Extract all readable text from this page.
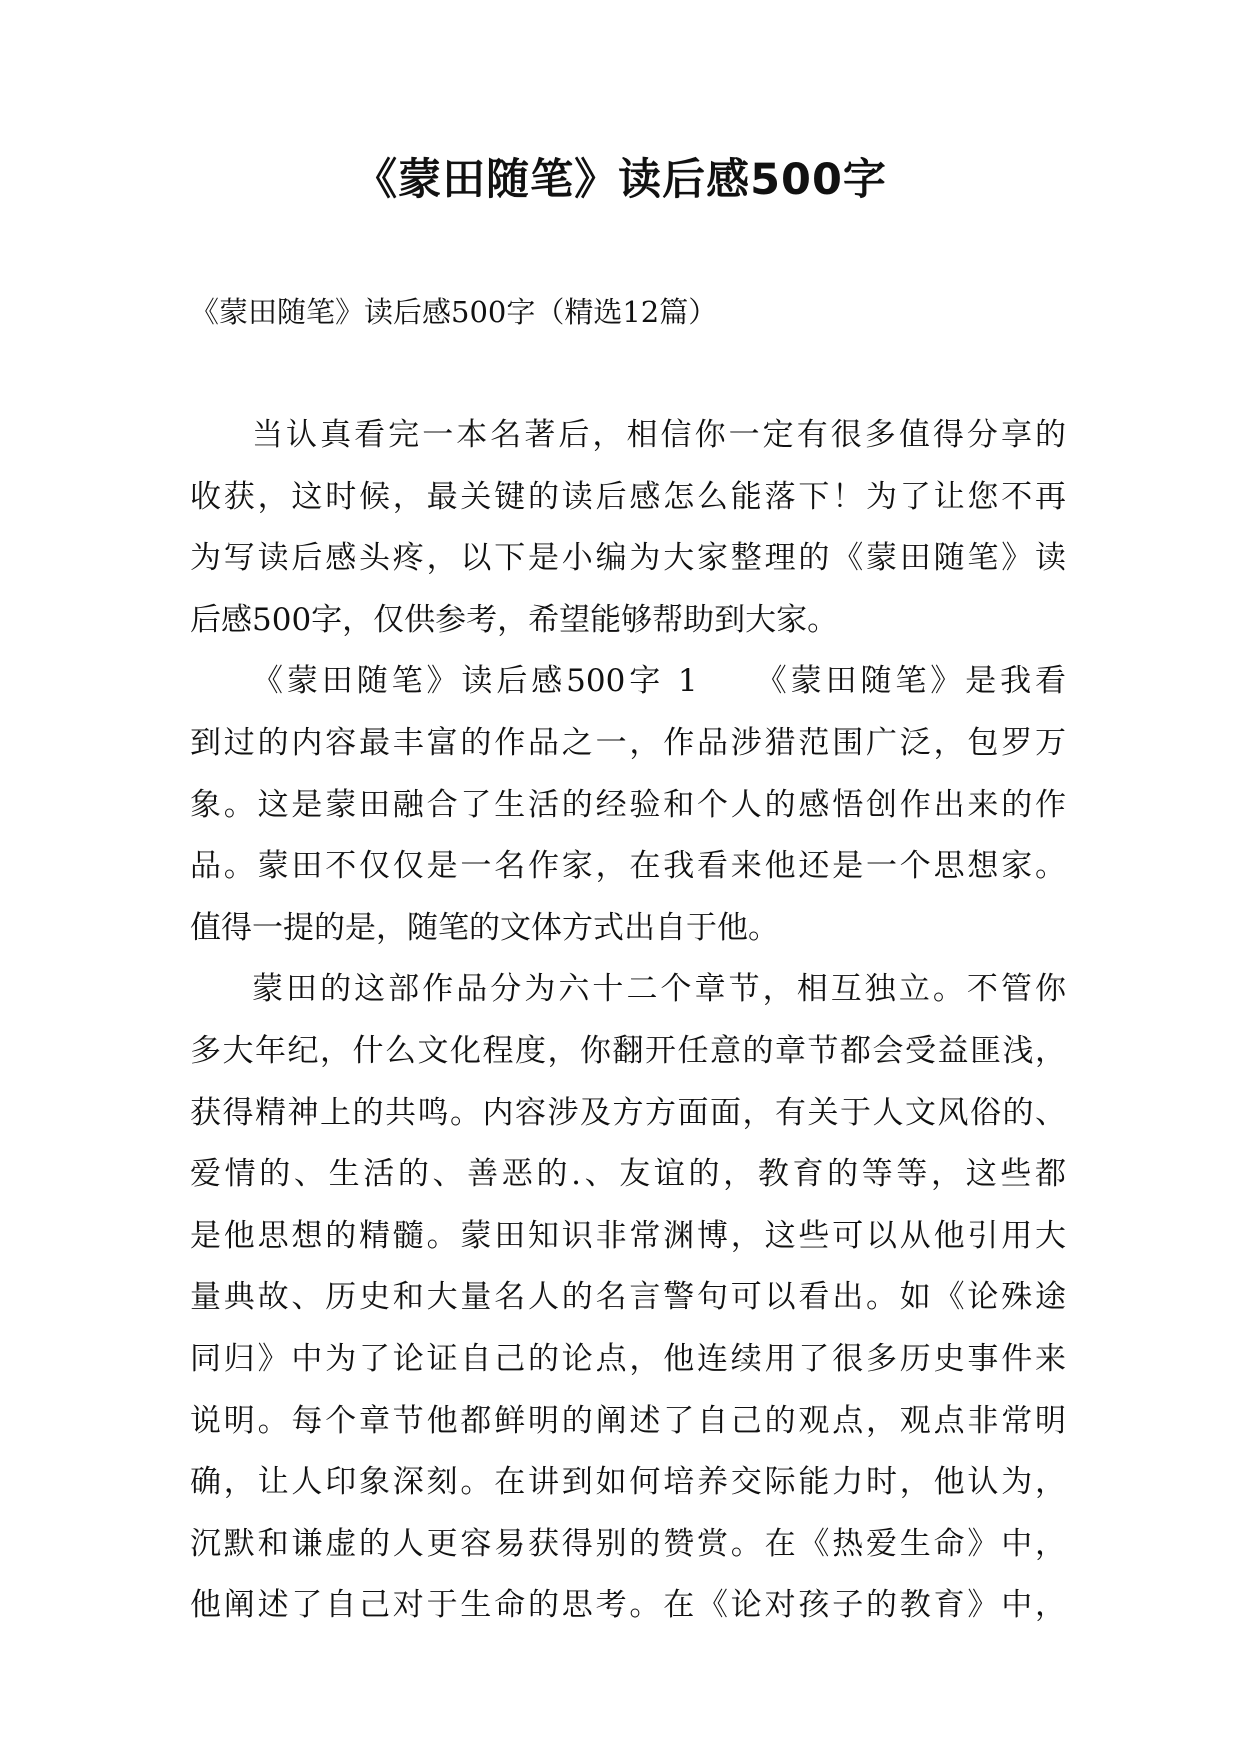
《蒙田随笔》读后感500字
《蒙田随笔》读后感500字（精选12篇）
当认真看完一本名著后，相信你一定有很多值得分享的
收获，这时候，最关键的读后感怎么能落下！为了让您不再
为写读后感头疼，以下是小编为大家整理的《蒙田随笔》读
后感500字，仅供参考，希望能够帮助到大家。
《蒙田随笔》读后感500字 1　　《蒙田随笔》是我看
到过的内容最丰富的作品之一，作品涉猎范围广泛，包罗万
象。这是蒙田融合了生活的经验和个人的感悟创作出来的作
品。蒙田不仅仅是一名作家，在我看来他还是一个思想家。
值得一提的是，随笔的文体方式出自于他。
蒙田的这部作品分为六十二个章节，相互独立。不管你
多大年纪，什么文化程度，你翻开任意的章节都会受益匪浅，
获得精神上的共鸣。内容涉及方方面面，有关于人文风俗的、
爱情的、生活的、善恶的.、友谊的，教育的等等，这些都
是他思想的精髓。蒙田知识非常渊博，这些可以从他引用大
量典故、历史和大量名人的名言警句可以看出。如《论殊途
同归》中为了论证自己的论点，他连续用了很多历史事件来
说明。每个章节他都鲜明的阐述了自己的观点，观点非常明
确，让人印象深刻。在讲到如何培养交际能力时，他认为，
沉默和谦虚的人更容易获得别的赞赏。在《热爱生命》中，
他阐述了自己对于生命的思考。在《论对孩子的教育》中，
